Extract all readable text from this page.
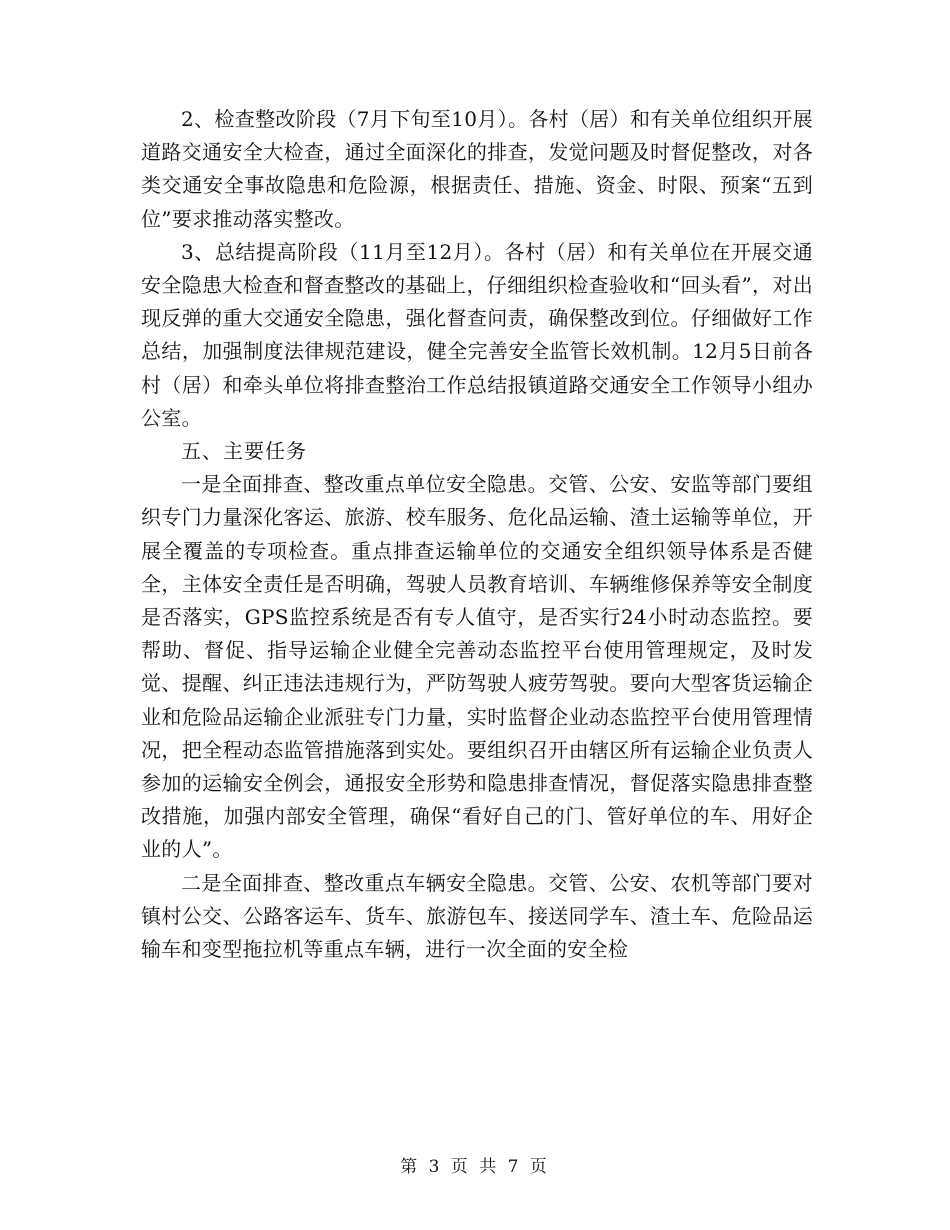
2、检查整改阶段（7月下旬至10月）。各村（居）和有关单位组织开展道路交通安全大检查，通过全面深化的排查，发觉问题及时督促整改，对各类交通安全事故隐患和危险源，根据责任、措施、资金、时限、预案“五到位”要求推动落实整改。

3、总结提高阶段（11月至12月）。各村（居）和有关单位在开展交通安全隐患大检查和督查整改的基础上，仔细组织检查验收和“回头看”，对出现反弹的重大交通安全隐患，强化督查问责，确保整改到位。仔细做好工作总结，加强制度法律规范建设，健全完善安全监管长效机制。12月5日前各村（居）和牵头单位将排查整治工作总结报镇道路交通安全工作领导小组办公室。

五、主要任务

一是全面排查、整改重点单位安全隐患。交管、公安、安监等部门要组织专门力量深化客运、旅游、校车服务、危化品运输、渣土运输等单位，开展全覆盖的专项检查。重点排查运输单位的交通安全组织领导体系是否健全，主体安全责任是否明确，驾驶人员教育培训、车辆维修保养等安全制度是否落实，GPS监控系统是否有专人值守，是否实行24小时动态监控。要帮助、督促、指导运输企业健全完善动态监控平台使用管理规定，及时发觉、提醒、纠正违法违规行为，严防驾驶人疲劳驾驶。要向大型客货运输企业和危险品运输企业派驻专门力量，实时监督企业动态监控平台使用管理情况，把全程动态监管措施落到实处。要组织召开由辖区所有运输企业负责人参加的运输安全例会，通报安全形势和隐患排查情况，督促落实隐患排查整改措施，加强内部安全管理，确保“看好自己的门、管好单位的车、用好企业的人”。

二是全面排查、整改重点车辆安全隐患。交管、公安、农机等部门要对镇村公交、公路客运车、货车、旅游包车、接送同学车、渣土车、危险品运输车和变型拖拉机等重点车辆，进行一次全面的安全检

第 3 页 共 7 页
